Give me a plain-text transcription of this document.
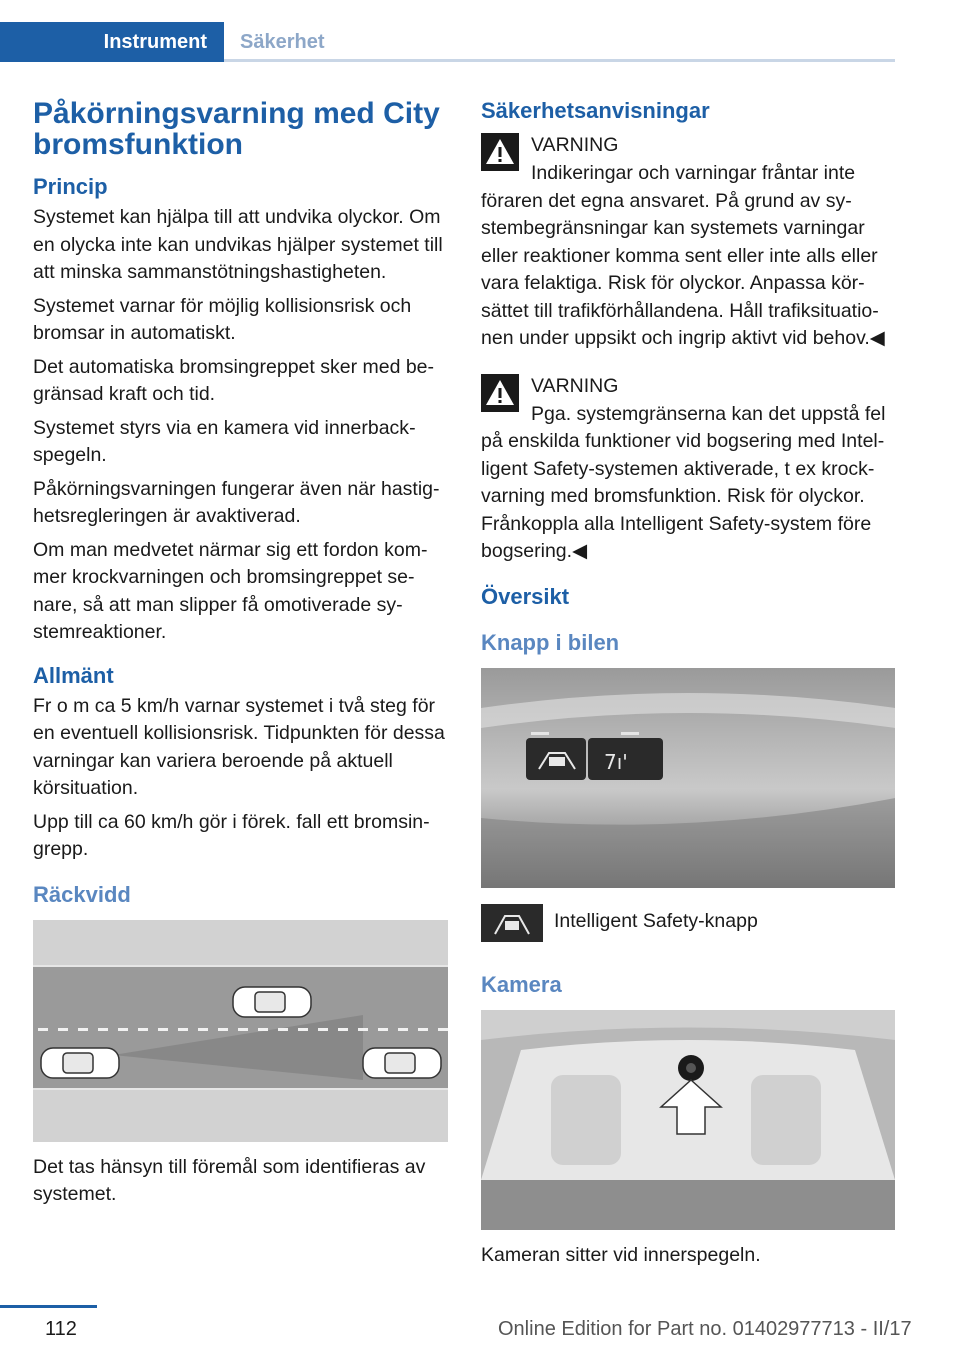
Instrument Säkerhet
Påkörningsvarning med City bromsfunktion
Princip

Systemet kan hjälpa till att undvika olyckor. Om en olycka inte kan undvikas hjälper systemet till att minska sammanstötningshastigheten.

Systemet varnar för möjlig kollisionsrisk och bromsar in automatiskt.

Det automatiska bromsingreppet sker med begränsad kraft och tid.

Systemet styrs via en kamera vid innerbackspegeln.

Påkörningsvarningen fungerar även när hastighetsregleringen är avaktiverad.

Om man medvetet närmar sig ett fordon kommer krockvarningen och bromsingreppet senare, så att man slipper få omotiverade systemreaktioner.

Allmänt

Fr o m ca 5 km/h varnar systemet i två steg för en eventuell kollisionsrisk. Tidpunkten för dessa varningar kan variera beroende på aktuell körsituation.

Upp till ca 60 km/h gör i förek. fall ett bromsingrepp.

Räckvidd

Det tas hänsyn till föremål som identifieras av systemet.

Säkerhetsanvisningar
VARNING

Indikeringar och varningar fråntar inte föraren det egna ansvaret. På grund av systembegränsningar kan systemets varningar eller reaktioner komma sent eller inte alls eller vara felaktiga. Risk för olyckor. Anpassa körsättet till trafikförhållandena. Håll trafiksituationen under uppsikt och ingrip aktivt vid behov.◀

VARNING

Pga. systemgränserna kan det uppstå fel på enskilda funktioner vid bogsering med Intelligent Safety-systemen aktiverade, t ex krockvarning med bromsfunktion. Risk för olyckor. Frånkoppla alla Intelligent Safety-system före bogsering.◀

Översikt
Knapp i bilen
7ı'
Intelligent Safety-knapp
Kamera

Kameran sitter vid innerspegeln.

112	Online Edition for Part no. 01402977713 - II/17
